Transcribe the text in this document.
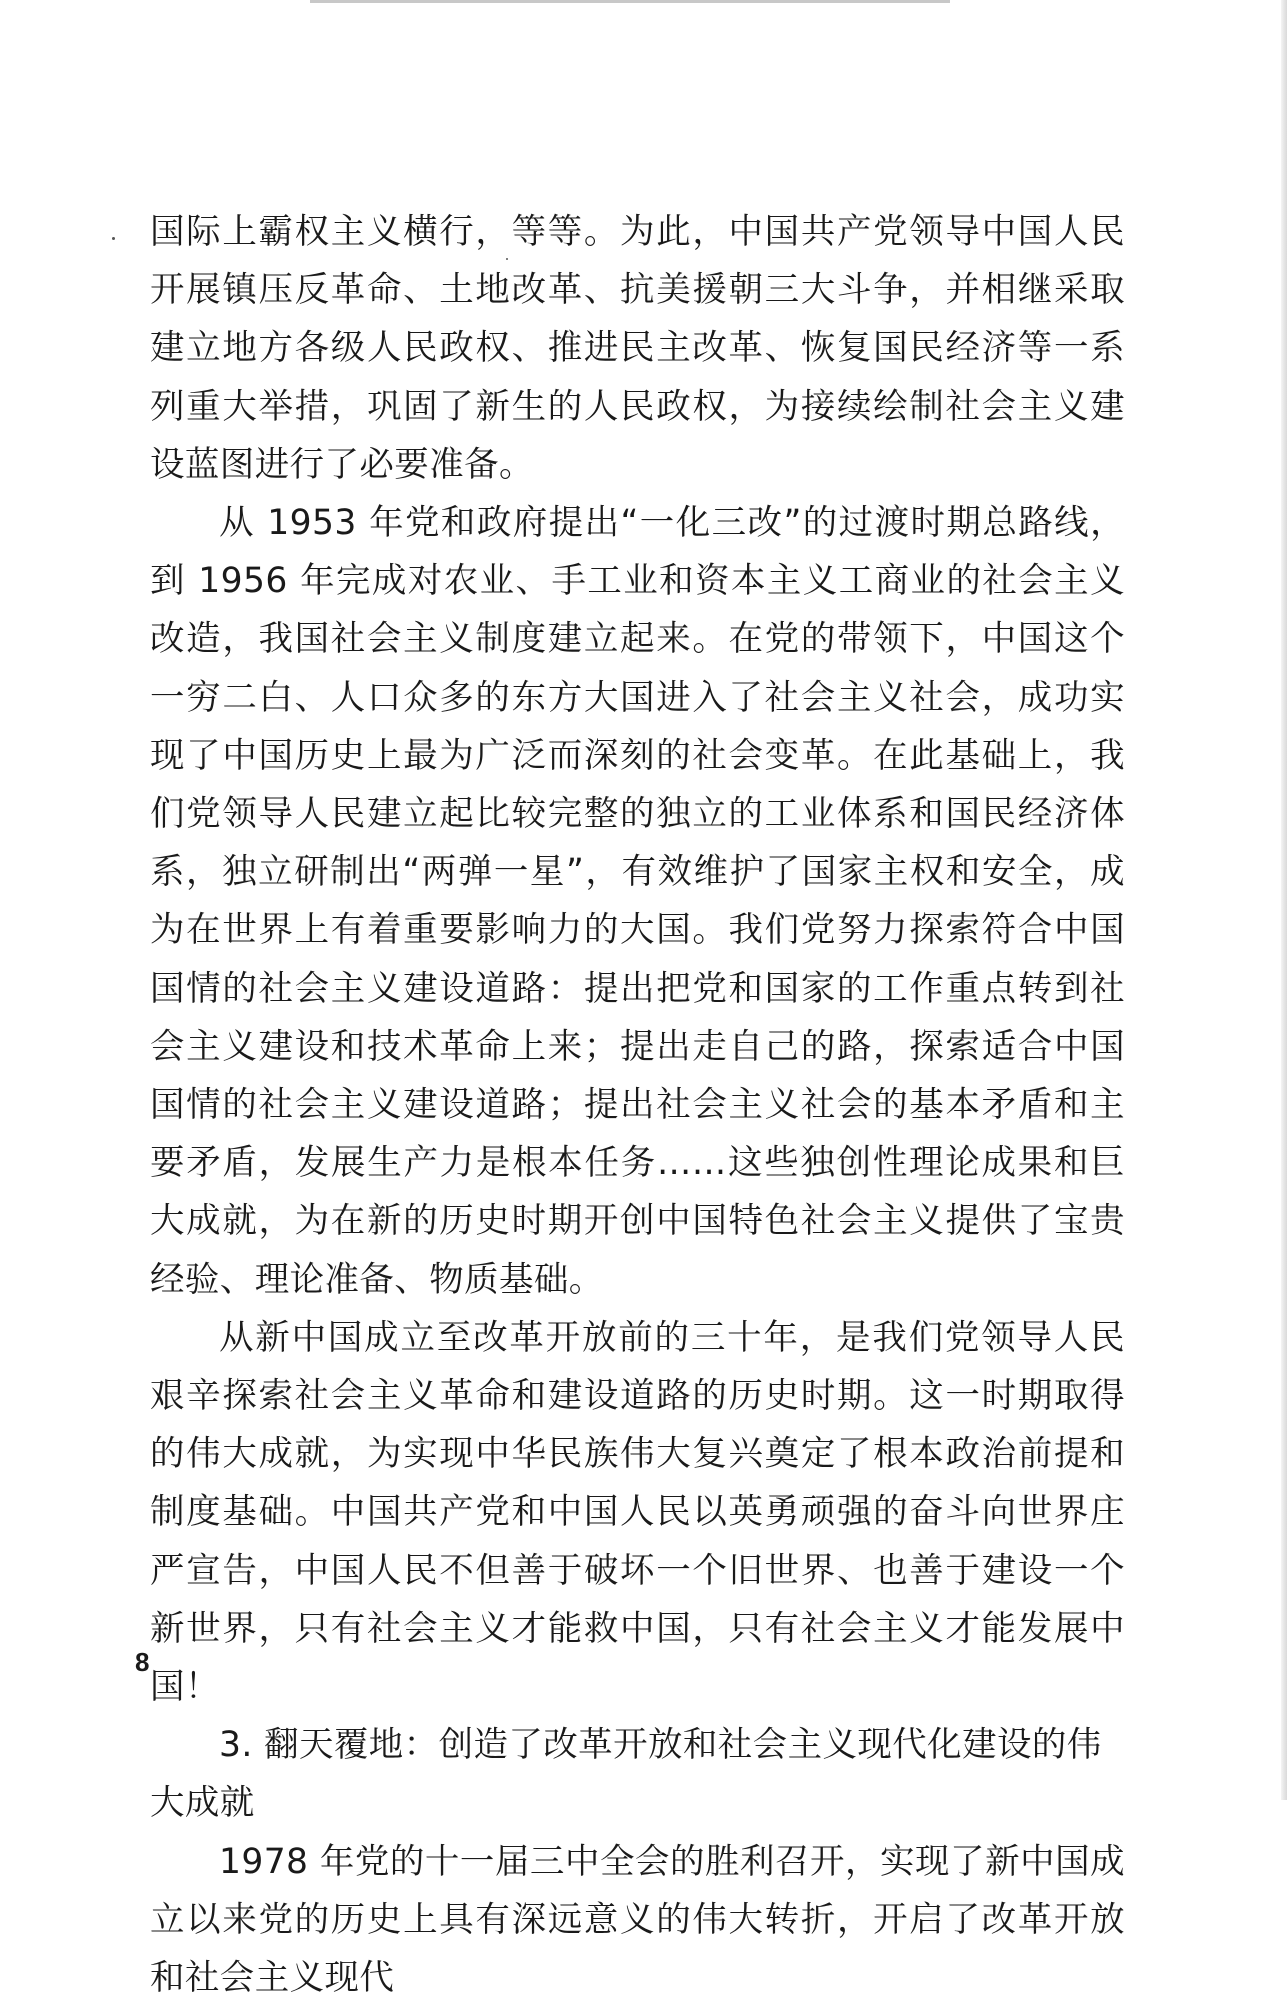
国际上霸权主义横行，等等。为此，中国共产党领导中国人民开展镇压反革命、土地改革、抗美援朝三大斗争，并相继采取建立地方各级人民政权、推进民主改革、恢复国民经济等一系列重大举措，巩固了新生的人民政权，为接续绘制社会主义建设蓝图进行了必要准备。

从 1953 年党和政府提出“一化三改”的过渡时期总路线，到 1956 年完成对农业、手工业和资本主义工商业的社会主义改造，我国社会主义制度建立起来。在党的带领下，中国这个一穷二白、人口众多的东方大国进入了社会主义社会，成功实现了中国历史上最为广泛而深刻的社会变革。在此基础上，我们党领导人民建立起比较完整的独立的工业体系和国民经济体系，独立研制出“两弹一星”，有效维护了国家主权和安全，成为在世界上有着重要影响力的大国。我们党努力探索符合中国国情的社会主义建设道路：提出把党和国家的工作重点转到社会主义建设和技术革命上来；提出走自己的路，探索适合中国国情的社会主义建设道路；提出社会主义社会的基本矛盾和主要矛盾，发展生产力是根本任务……这些独创性理论成果和巨大成就，为在新的历史时期开创中国特色社会主义提供了宝贵经验、理论准备、物质基础。

从新中国成立至改革开放前的三十年，是我们党领导人民艰辛探索社会主义革命和建设道路的历史时期。这一时期取得的伟大成就，为实现中华民族伟大复兴奠定了根本政治前提和制度基础。中国共产党和中国人民以英勇顽强的奋斗向世界庄严宣告，中国人民不但善于破坏一个旧世界、也善于建设一个新世界，只有社会主义才能救中国，只有社会主义才能发展中国！

3. 翻天覆地：创造了改革开放和社会主义现代化建设的伟大成就

1978 年党的十一届三中全会的胜利召开，实现了新中国成立以来党的历史上具有深远意义的伟大转折，开启了改革开放和社会主义现代

8
